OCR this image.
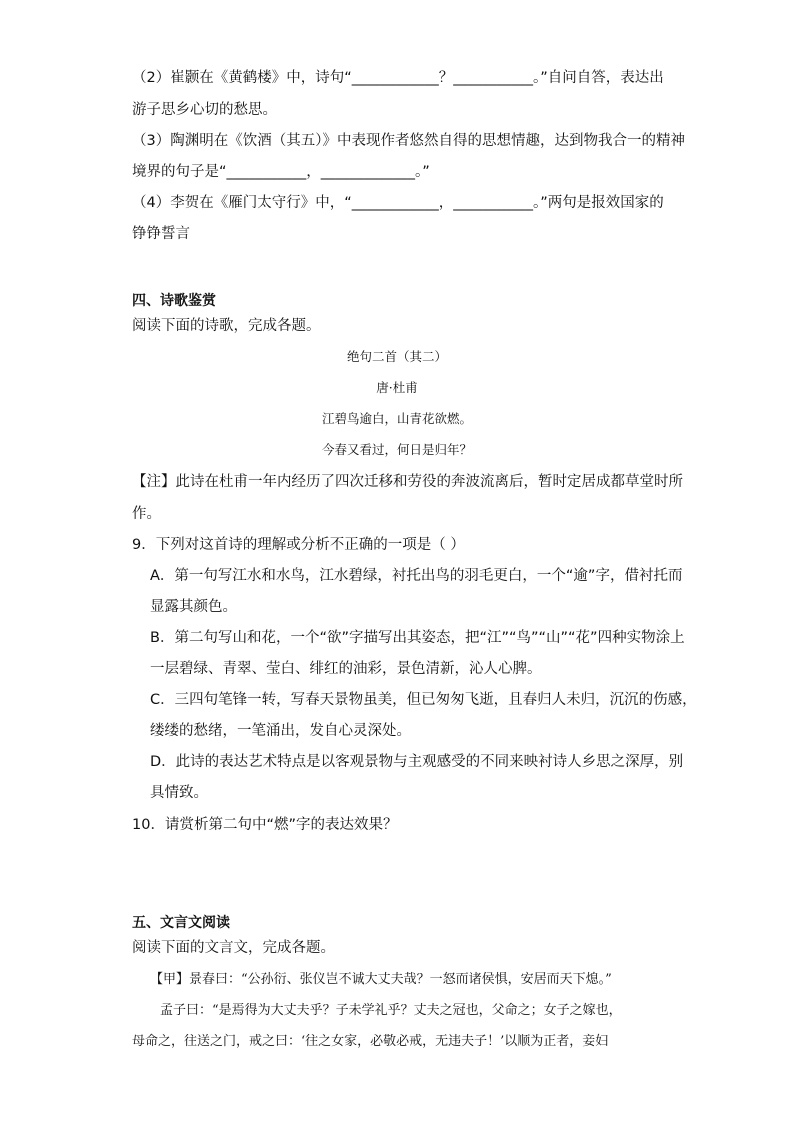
（2）崔颢在《黄鹤楼》中，诗句“____________？___________。”自问自答，表达出
游子思乡心切的愁思。
（3）陶渊明在《饮酒（其五）》中表现作者悠然自得的思想情趣，达到物我合一的精神
境界的句子是“___________，_____________。”
（4）李贺在《雁门太守行》中，“____________，___________。”两句是报效国家的
铮铮誓言
四、诗歌鉴赏
阅读下面的诗歌，完成各题。
绝句二首（其二）
唐·杜甫
江碧鸟逾白，山青花欲燃。
今春又看过，何日是归年？
【注】此诗在杜甫一年内经历了四次迁移和劳役的奔波流离后，暂时定居成都草堂时所
作。
9．下列对这首诗的理解或分析不正确的一项是（ ）
A．第一句写江水和水鸟，江水碧绿，衬托出鸟的羽毛更白，一个“逾”字，借衬托而
显露其颜色。
B．第二句写山和花，一个“欲”字描写出其姿态，把“江”“鸟”“山”“花”四种实物涂上
一层碧绿、青翠、莹白、绯红的油彩，景色清新，沁人心脾。
C．三四句笔锋一转，写春天景物虽美，但已匆匆飞逝，且春归人未归，沉沉的伤感，
缕缕的愁绪，一笔涌出，发自心灵深处。
D．此诗的表达艺术特点是以客观景物与主观感受的不同来映衬诗人乡思之深厚，别
具情致。
10．请赏析第二句中“燃”字的表达效果？
五、文言文阅读
阅读下面的文言文，完成各题。
【甲】景春曰：“公孙衍、张仪岂不诚大丈夫哉？一怒而诸侯惧，安居而天下熄。”
孟子曰：“是焉得为大丈夫乎？子未学礼乎？丈夫之冠也，父命之；女子之嫁也，
母命之，往送之门，戒之曰：‘往之女家，必敬必戒，无违夫子！’以顺为正者，妾妇
